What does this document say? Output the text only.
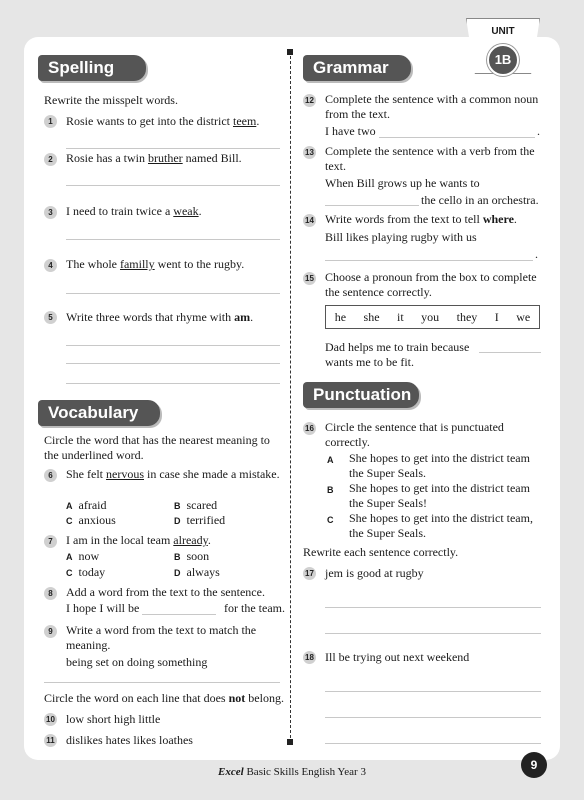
Spelling
Rewrite the misspelt words.
1	Rosie wants to get into the district teem.
2	Rosie has a twin bruther named Bill.
3	I need to train twice a weak.
4	The whole familly went to the rugby.
5	Write three words that rhyme with am.
Vocabulary
Circle the word that has the nearest meaning to the underlined word.
6	She felt nervous in case she made a mistake.
A afraid	B scared
C anxious	D terrified
7	I am in the local team already.
A now	B soon
C today	D always
8	Add a word from the text to the sentence.
I hope I will be	for the team.
9	Write a word from the text to match the meaning.
being set on doing something
Circle the word on each line that does not belong.
10 low short high little
11 dislikes hates likes loathes
Grammar
12 Complete the sentence with a common noun from the text.
I have two	.
13 Complete the sentence with a verb from the text.
When Bill grows up he wants to
the cello in an orchestra.
14 Write words from the text to tell where.
Bill likes playing rugby with us
.
15 Choose a pronoun from the box to complete the sentence correctly.
he she it you they I we
Dad helps me to train because
wants me to be fit.
Punctuation
16 Circle the sentence that is punctuated correctly.
A She hopes to get into the district team the Super Seals.
B She hopes to get into the district team the Super Seals!
C She hopes to get into the district team, the Super Seals.
Rewrite each sentence correctly.
17 jem is good at rugby
18 Ill be trying out next weekend
UNIT
1B
Excel Basic Skills English Year 3	9
